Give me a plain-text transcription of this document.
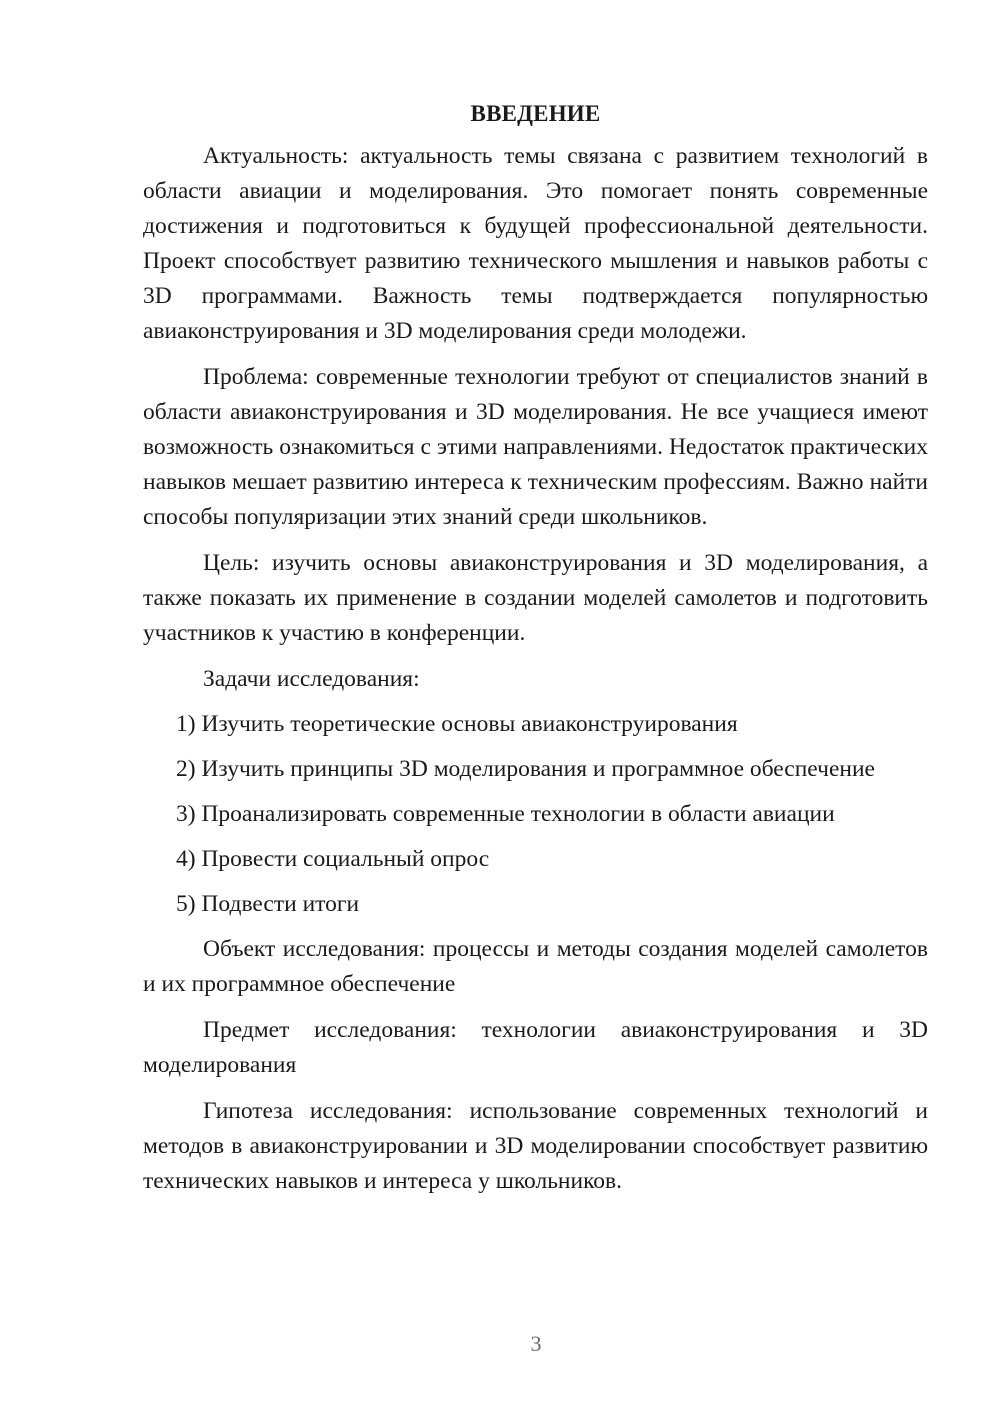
ВВЕДЕНИЕ

Актуальность: актуальность темы связана с развитием технологий в области авиации и моделирования. Это помогает понять современные достижения и подготовиться к будущей профессиональной деятельности. Проект способствует развитию технического мышления и навыков работы с 3D программами. Важность темы подтверждается популярностью авиаконструирования и 3D моделирования среди молодежи.

Проблема: современные технологии требуют от специалистов знаний в области авиаконструирования и 3D моделирования. Не все учащиеся имеют возможность ознакомиться с этими направлениями. Недостаток практических навыков мешает развитию интереса к техническим профессиям. Важно найти способы популяризации этих знаний среди школьников.

Цель: изучить основы авиаконструирования и 3D моделирования, а также показать их применение в создании моделей самолетов и подготовить участников к участию в конференции.

Задачи исследования:

1) Изучить теоретические основы авиаконструирования
2) Изучить принципы 3D моделирования и программное обеспечение
3) Проанализировать современные технологии в области авиации
4) Провести социальный опрос
5) Подвести итоги

Объект исследования: процессы и методы создания моделей самолетов и их программное обеспечение

Предмет исследования: технологии авиаконструирования и 3D моделирования

Гипотеза исследования: использование современных технологий и методов в авиаконструировании и 3D моделировании способствует развитию технических навыков и интереса у школьников.

3
